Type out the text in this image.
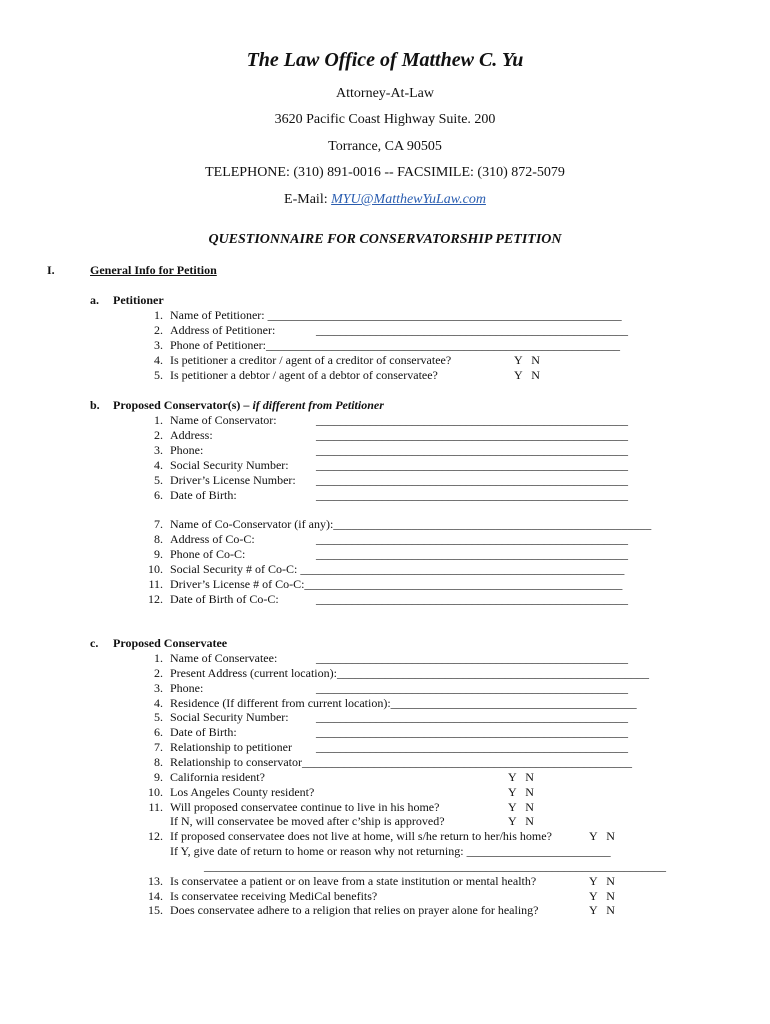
The Law Office of Matthew C. Yu
Attorney-At-Law
3620 Pacific Coast Highway Suite. 200
Torrance, CA 90505
TELEPHONE: (310) 891-0016 -- FACSIMILE: (310) 872-5079
E-Mail: MYU@MatthewYuLaw.com
QUESTIONNAIRE FOR CONSERVATORSHIP PETITION
I.	General Info for Petition
a. Petitioner
1. Name of Petitioner: ___________________________________________________________
2. Address of Petitioner:	____________________________________________________
3. Phone of Petitioner:___________________________________________________________
4. Is petitioner a creditor / agent of a creditor of conservatee?	Y   N
5. Is petitioner a debtor / agent of a debtor of conservatee?	Y   N
b. Proposed Conservator(s) – if different from Petitioner
1. Name of Conservator:	____________________________________________________
2. Address:	____________________________________________________
3. Phone:	____________________________________________________
4. Social Security Number: ____________________________________________________
5. Driver’s License Number: ____________________________________________________
6. Date of Birth:	____________________________________________________
7. Name of Co-Conservator (if any):_____________________________________________________
8. Address of Co-C:	____________________________________________________
9. Phone of Co-C:	____________________________________________________
10. Social Security # of Co-C: ______________________________________________________
11. Driver’s License # of Co-C:_____________________________________________________
12. Date of Birth of Co-C:	____________________________________________________
c. Proposed Conservatee
1. Name of Conservatee:	____________________________________________________
2. Present Address (current location):____________________________________________________
3. Phone:	____________________________________________________
4. Residence (If different from current location):_________________________________________
5. Social Security Number: ____________________________________________________
6. Date of Birth:	____________________________________________________
7. Relationship to petitioner ____________________________________________________
8. Relationship to conservator_______________________________________________________
9. California resident?	Y   N
10. Los Angeles County resident?	Y   N
11. Will proposed conservatee continue to live in his home?	Y   N
If N, will conservatee be moved after c’ship is approved?	Y   N
12. If proposed conservatee does not live at home, will s/he return to her/his home?	Y   N
If Y, give date of return to home or reason why not returning: ________________________
_____________________________________________________________________________
13. Is conservatee a patient or on leave from a state institution or mental health?	Y   N
14. Is conservatee receiving MediCal benefits?	Y   N
15. Does conservatee adhere to a religion that relies on prayer alone for healing?	Y   N
